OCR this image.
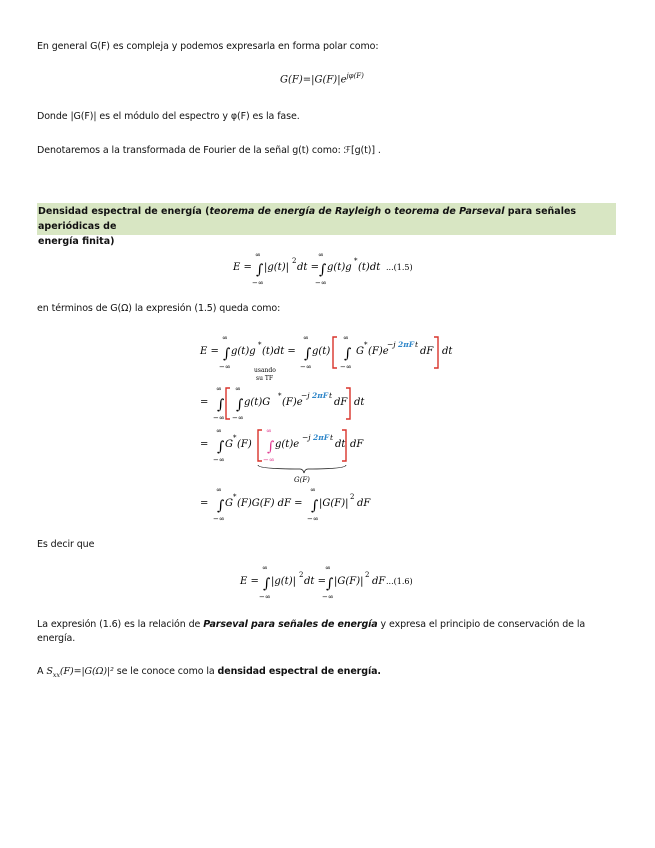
En general G(F) es compleja y podemos expresarla en forma polar como:
$G(F)=|G(F)|e^{j\varphi(F)}$
Donde |G(F)| es el módulo del espectro y φ(F) es la fase.
Denotaremos a la transformada de Fourier de la señal g(t) como: ℱ[g(t)] .
Densidad espectral de energía (teorema de energía de Rayleigh o teorema de Parseval para señales aperiódicas de
energía finita)
en términos de G(Ω) la expresión (1.5) queda como:
Es decir que
La expresión (1.6) es la relación de Parseval para señales de energía y expresa el principio de conservación de la
energía.
A $S_{xx}(F)=|G(\Omega)|^2$ se le conoce como la densidad espectral de energía.
E =
∞
∫
−∞
|g(t)|
2
dt =
∞
∫
−∞
g(t)g
*
(t)dt ...(1.5)
E =
∞
∫
−∞
g(t)g
*
(t)dt =
∞
∫
−∞
g(t)
usando
su TF
∞
∫
−∞
G
*
(F)e
−j 2πF t
dF dt
=
∞
∫
−∞
∞
∫
−∞
g(t)G
*
(F)e
−j 2πF t
dF dt
=
∞
∫
−∞
G
*
(F)
∞
∫
−∞
g(t)e
−j 2πF t
dt dF
G(F)
=
∞
∫
−∞
G
*
(F)G(F) dF =
∞
∫
−∞
|G(F)|
2
dF
E =
∞
∫
−∞
|g(t)|
2
dt =
∞
∫
−∞
|G(F)|
2
dF ...(1.6)
